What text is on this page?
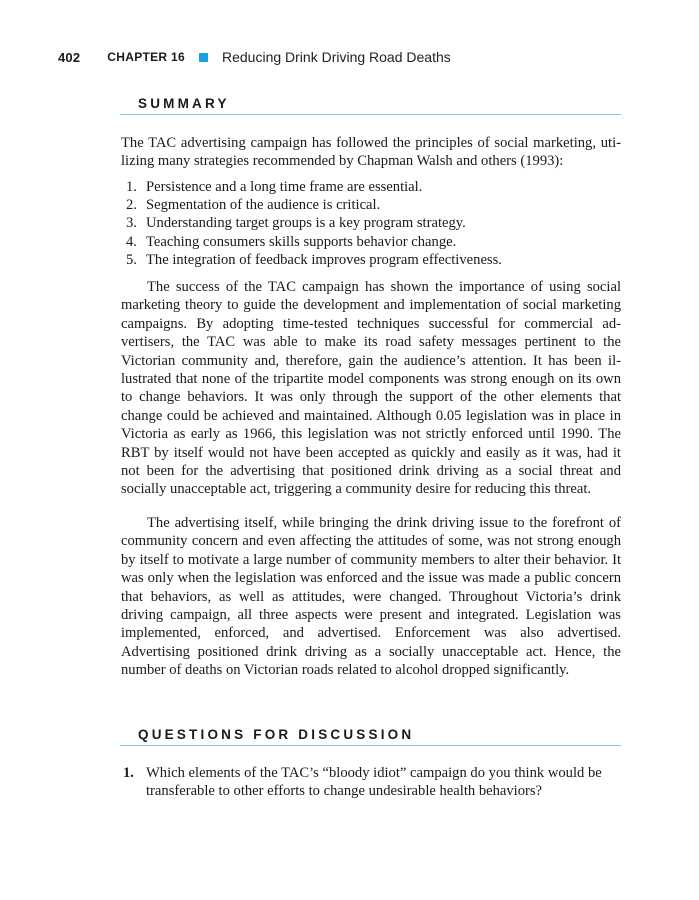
402 CHAPTER 16	Reducing Drink Driving Road Deaths
SUMMARY

The TAC advertising campaign has followed the principles of social marketing, uti-
lizing many strategies recommended by Chapman Walsh and others (1993):

1. Persistence and a long time frame are essential.
2. Segmentation of the audience is critical.
3. Understanding target groups is a key program strategy.
4. Teaching consumers skills supports behavior change.
5. The integration of feedback improves program effectiveness.

The success of the TAC campaign has shown the importance of using social marketing theory to guide the development and implementation of social marketing campaigns. By adopting time-tested techniques successful for commercial advertisers, the TAC was able to make its road safety messages pertinent to the Victorian community and, therefore, gain the audience’s attention. It has been illustrated that none of the tripartite model components was strong enough on its own to change behaviors. It was only through the support of the other elements that change could be achieved and maintained. Although 0.05 legislation was in place in Victoria as early as 1966, this legislation was not strictly enforced until 1990. The RBT by itself would not have been accepted as quickly and easily as it was, had it not been for the advertising that positioned drink driving as a social threat and socially unacceptable act, triggering a community desire for reducing this threat.

The advertising itself, while bringing the drink driving issue to the forefront of community concern and even affecting the attitudes of some, was not strong enough by itself to motivate a large number of community members to alter their behavior. It was only when the legislation was enforced and the issue was made a public concern that behaviors, as well as attitudes, were changed. Throughout Victoria’s drink driving campaign, all three aspects were present and integrated. Legislation was implemented, enforced, and advertised. Enforcement was also advertised. Advertising positioned drink driving as a socially unacceptable act. Hence, the number of deaths on Victorian roads related to alcohol dropped significantly.

QUESTIONS FOR DISCUSSION
1. Which elements of the TAC’s “bloody idiot” campaign do you think would be transferable to other efforts to change undesirable health behaviors?
